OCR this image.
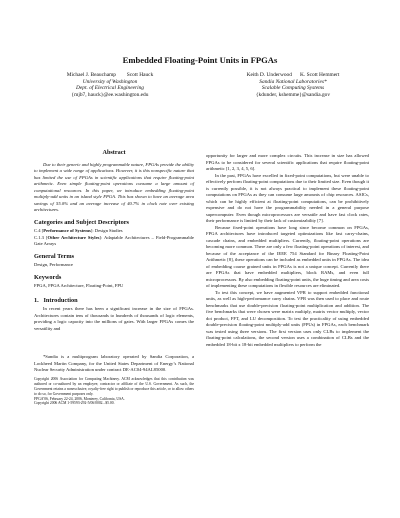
Embedded Floating-Point Units in FPGAs
Michael J. Beauchamp        Scott Hauck
University of Washington
Dept. of Electrical Engineering
{mjb7, hauck}@ee.washington.edu
Keith D. Underwood      K. Scott Hemmert
Sandia National Laboratories*
Scalable Computing Systems
{kdunder, kshemme}@sandia.gov
Abstract

Due to their generic and highly programmable nature, FPGAs provide the ability to implement a wide range of applications. However, it is this nonspecific nature that has limited the use of FPGAs in scientific applications that require floating-point arithmetic. Even simple floating-point operations consume a large amount of computational resources. In this paper, we introduce embedding floating-point multiply-add units in an island style FPGA. This has shown to have an average area savings of 55.0% and an average increase of 40.7% in clock rate over existing architectures.

Categories and Subject Descriptors

C.4 [Performance of Systems]: Design Studies

C.1.3 [Other Architecture Styles]: Adaptable Architectures – Field-Programmable Gate Arrays

General Terms

Design, Performance

Keywords

FPGA, FPGA Architecture, Floating-Point, FPU

1.   Introduction

In recent years there has been a significant increase in the size of FPGAs. Architectures contain tens of thousands to hundreds of thousands of logic elements, providing a logic capacity into the millions of gates. With larger FPGAs comes the versatility and

*Sandia is a multiprogram laboratory operated by Sandia Corporation, a Lockheed Martin Company, for the United States Department of Energy’s National Nuclear Security Administration under contract DE-AC04-94AL85000.

Copyright 2006 Association for Computing Machinery. ACM acknowledges that this contribution was authored or co-authored by an employee, contractor or affiliate of the U.S. Government. As such, the Government retains a nonexclusive, royalty-free right to publish or reproduce this article, or to allow others to do so, for Government purposes only.

FPGA’06, February 22-24, 2006, Monterey, California, USA.

Copyright 2006 ACM 1-59593-292-5/06/0002...$5.00.

opportunity for larger and more complex circuits. This increase in size has allowed FPGAs to be considered for several scientific applications that require floating-point arithmetic [1, 2, 3, 4, 5, 6].

In the past, FPGAs have excelled in fixed-point computations, but were unable to effectively perform floating-point computations due to their limited size. Even though it is currently possible, it is not always practical to implement these floating-point computations on FPGAs as they can consume large amounts of chip resources. ASICs, which can be highly efficient at floating-point computations, can be prohibitively expensive and do not have the programmability needed in a general purpose supercomputer. Even though microprocessors are versatile and have fast clock rates, their performance is limited by their lack of customizability [7].

Because fixed-point operations have long since become common on FPGAs, FPGA architectures have introduced targeted optimizations like fast carry-chains, cascade chains, and embedded multipliers. Currently, floating-point operations are becoming more common. There are only a few floating-point operations of interest, and because of the acceptance of the IEEE 754 Standard for Binary Floating-Point Arithmetic [8], these operations can be included as embedded units in FPGAs. The idea of embedding coarse grained units in FPGAs is not a unique concept. Currently there are FPGAs that have embedded multipliers, block RAMs, and even full microprocessors. By also embedding floating-point units, the huge timing and area costs of implementing these computations in flexible resources are eliminated.

To test this concept, we have augmented VPR to support embedded functional units, as well as high-performance carry chains. VPR was then used to place and route benchmarks that use double-precision floating-point multiplication and addition. The five benchmarks that were chosen were matrix multiply, matrix vector multiply, vector dot product, FFT, and LU decomposition. To test the practicality of using embedded double-precision floating-point multiply-add units (FPUs) in FPGAs, each benchmark was tested using three versions. The first version uses only CLBs to implement the floating-point calculations, the second version uses a combination of CLBs and the embedded 18-bit x 18-bit embedded multipliers to perform the
